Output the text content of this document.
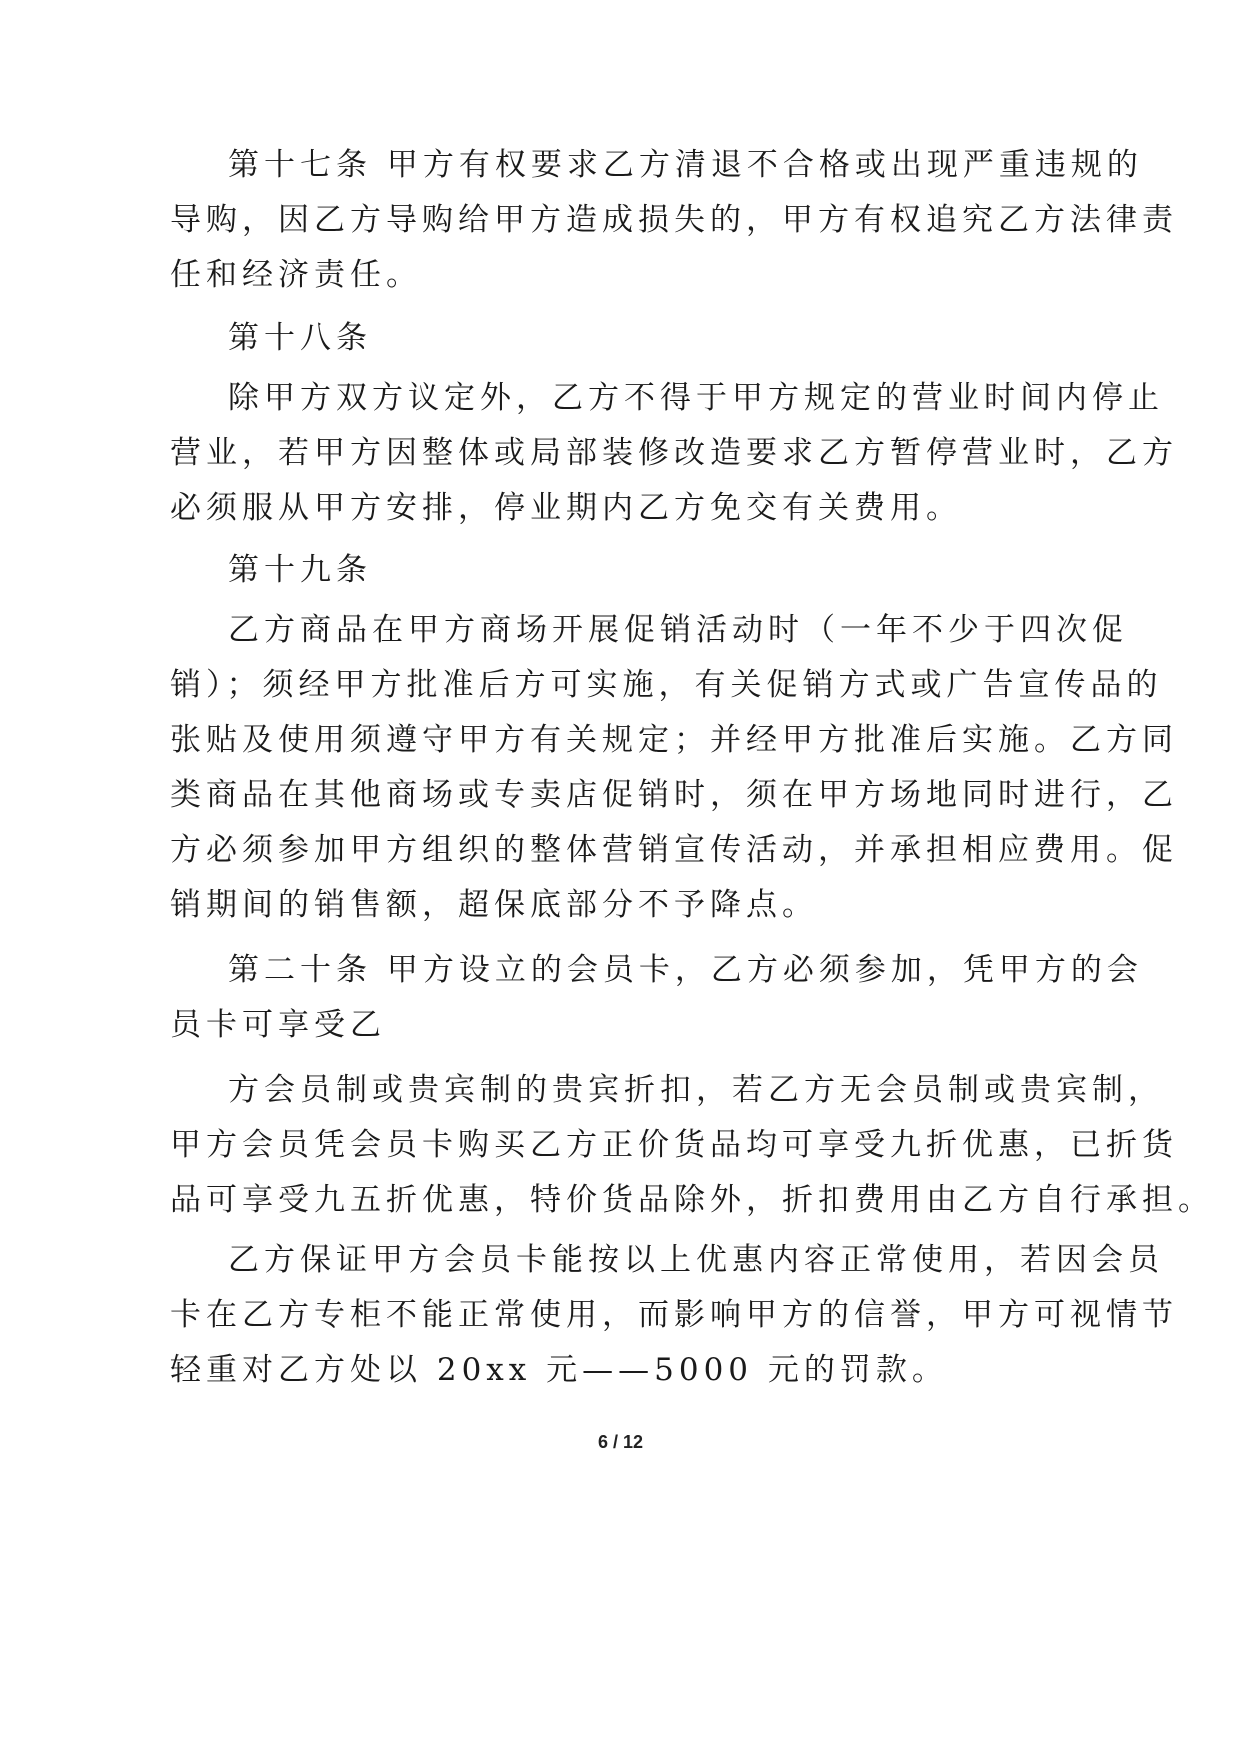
第十七条 甲方有权要求乙方清退不合格或出现严重违规的
导购，因乙方导购给甲方造成损失的，甲方有权追究乙方法律责
任和经济责任。
第十八条
除甲方双方议定外，乙方不得于甲方规定的营业时间内停止
营业，若甲方因整体或局部装修改造要求乙方暂停营业时，乙方
必须服从甲方安排，停业期内乙方免交有关费用。
第十九条
乙方商品在甲方商场开展促销活动时（一年不少于四次促
销）；须经甲方批准后方可实施，有关促销方式或广告宣传品的
张贴及使用须遵守甲方有关规定；并经甲方批准后实施。乙方同
类商品在其他商场或专卖店促销时，须在甲方场地同时进行，乙
方必须参加甲方组织的整体营销宣传活动，并承担相应费用。促
销期间的销售额，超保底部分不予降点。
第二十条 甲方设立的会员卡，乙方必须参加，凭甲方的会
员卡可享受乙
方会员制或贵宾制的贵宾折扣，若乙方无会员制或贵宾制，
甲方会员凭会员卡购买乙方正价货品均可享受九折优惠，已折货
品可享受九五折优惠，特价货品除外，折扣费用由乙方自行承担。
乙方保证甲方会员卡能按以上优惠内容正常使用，若因会员
卡在乙方专柜不能正常使用，而影响甲方的信誉，甲方可视情节
轻重对乙方处以 20xx 元——5000 元的罚款。
6 / 12
